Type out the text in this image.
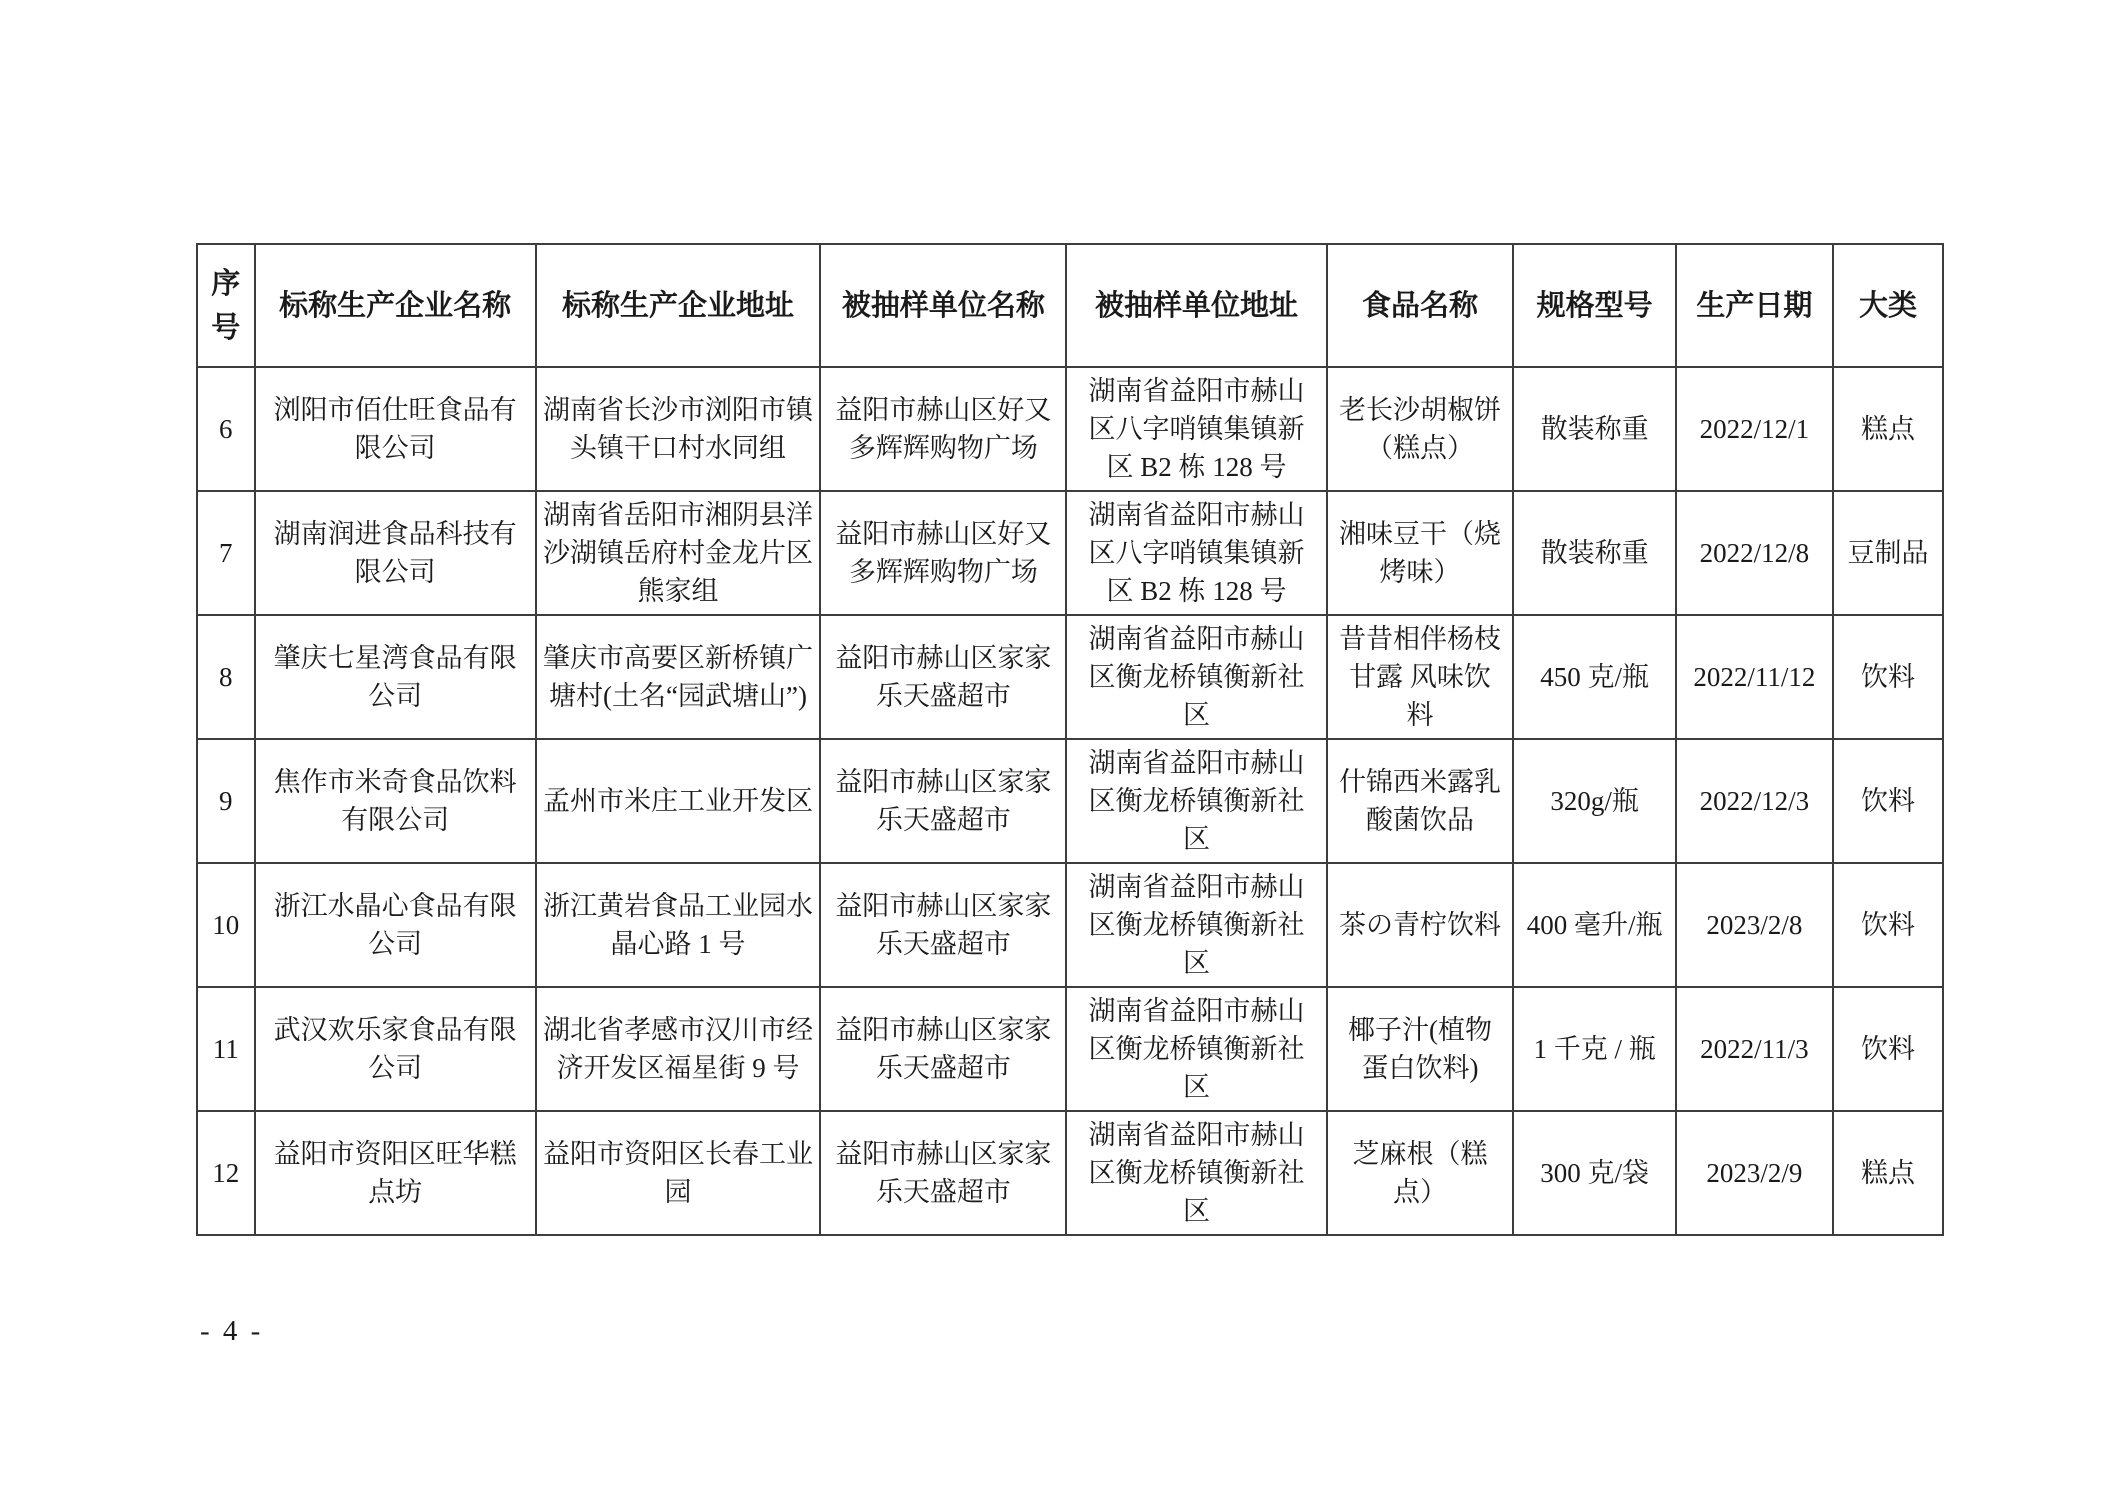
序号	标称生产企业名称	标称生产企业地址	被抽样单位名称	被抽样单位地址	食品名称	规格型号	生产日期	大类
6	浏阳市佰仕旺食品有限公司	湖南省长沙市浏阳市镇头镇干口村水同组	益阳市赫山区好又多辉辉购物广场	湖南省益阳市赫山区八字哨镇集镇新区 B2 栋 128 号	老长沙胡椒饼（糕点）	散装称重	2022/12/1	糕点
7	湖南润进食品科技有限公司	湖南省岳阳市湘阴县洋沙湖镇岳府村金龙片区熊家组	益阳市赫山区好又多辉辉购物广场	湖南省益阳市赫山区八字哨镇集镇新区 B2 栋 128 号	湘味豆干（烧烤味）	散装称重	2022/12/8	豆制品
8	肇庆七星湾食品有限公司	肇庆市高要区新桥镇广塘村(土名“园武塘山”)	益阳市赫山区家家乐天盛超市	湖南省益阳市赫山区衡龙桥镇衡新社区	昔昔相伴杨枝甘露 风味饮料	450 克/瓶	2022/11/12	饮料
9	焦作市米奇食品饮料有限公司	孟州市米庄工业开发区	益阳市赫山区家家乐天盛超市	湖南省益阳市赫山区衡龙桥镇衡新社区	什锦西米露乳酸菌饮品	320g/瓶	2022/12/3	饮料
10	浙江水晶心食品有限公司	浙江黄岩食品工业园水晶心路 1 号	益阳市赫山区家家乐天盛超市	湖南省益阳市赫山区衡龙桥镇衡新社区	茶の青柠饮料	400 毫升/瓶	2023/2/8	饮料
11	武汉欢乐家食品有限公司	湖北省孝感市汉川市经济开发区福星街 9 号	益阳市赫山区家家乐天盛超市	湖南省益阳市赫山区衡龙桥镇衡新社区	椰子汁(植物蛋白饮料)	1 千克 / 瓶	2022/11/3	饮料
12	益阳市资阳区旺华糕点坊	益阳市资阳区长春工业园	益阳市赫山区家家乐天盛超市	湖南省益阳市赫山区衡龙桥镇衡新社区	芝麻根（糕点）	300 克/袋	2023/2/9	糕点
- 4 -
